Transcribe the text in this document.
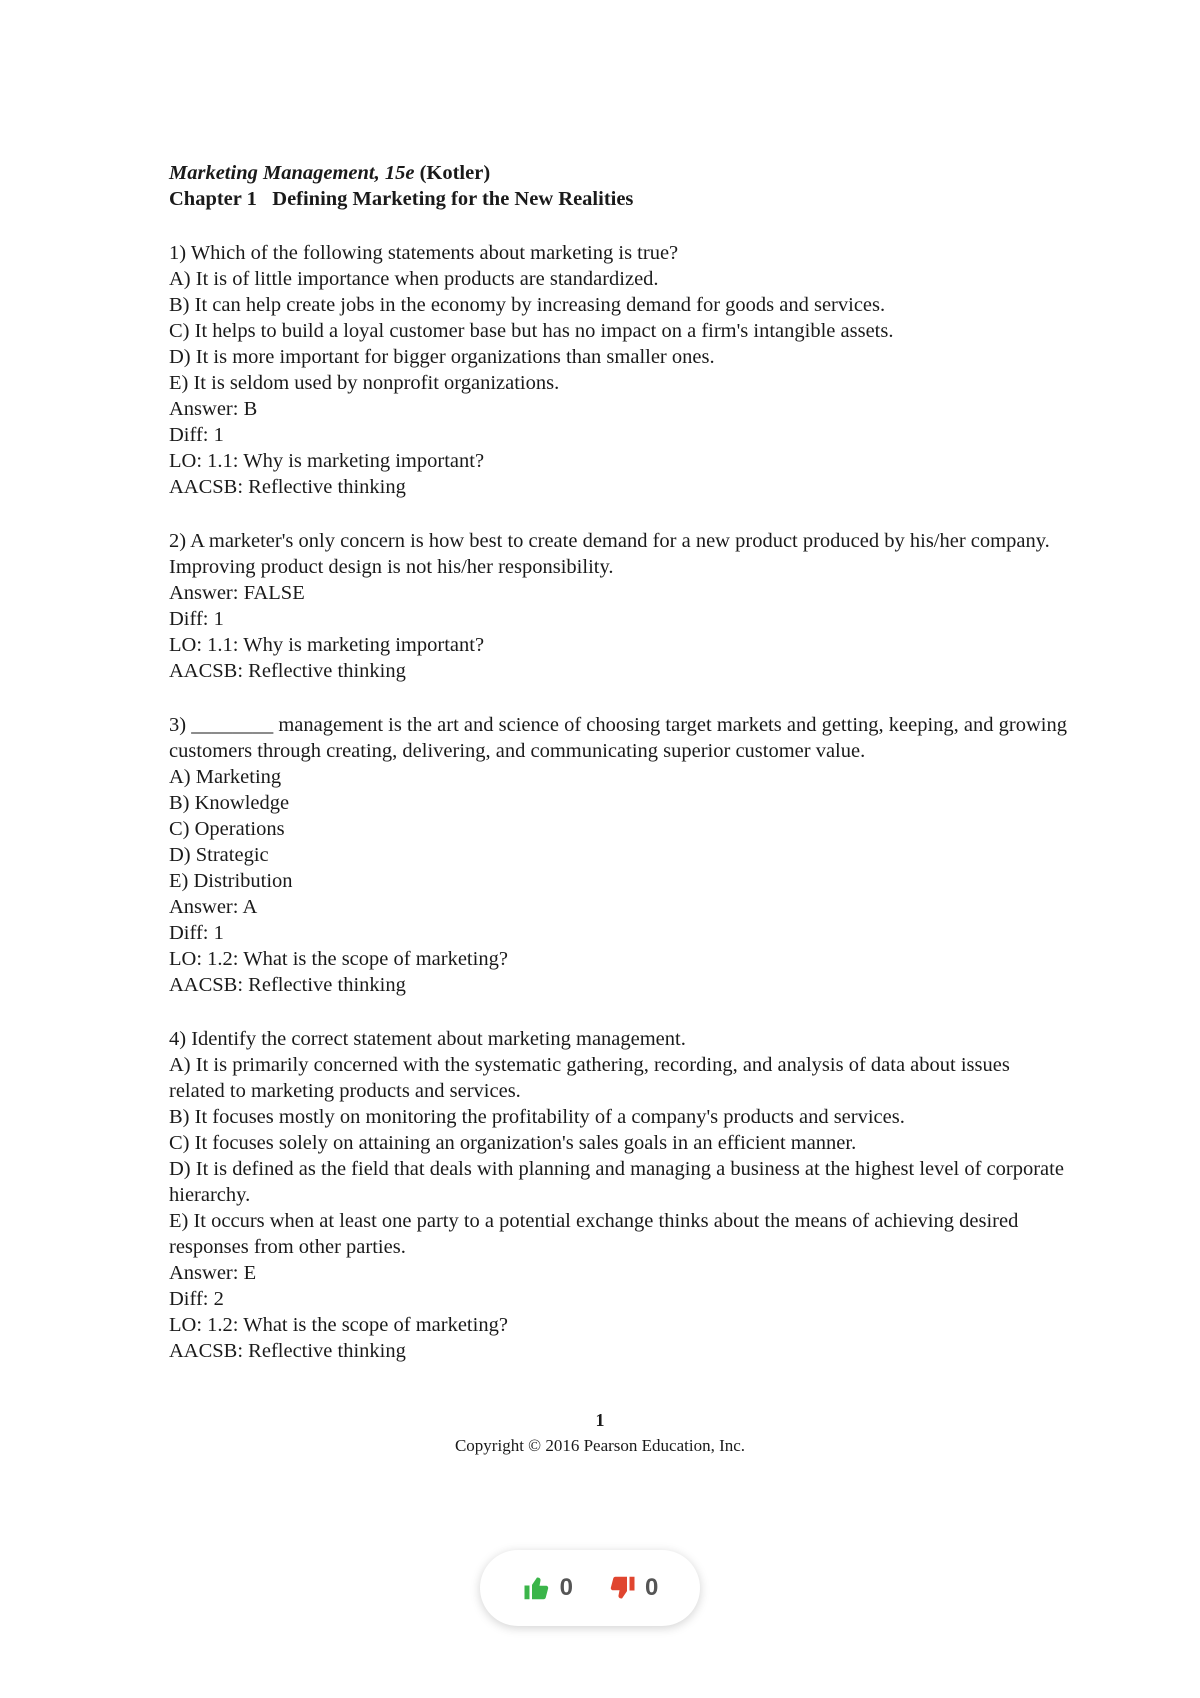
Marketing Management, 15e (Kotler)
Chapter 1   Defining Marketing for the New Realities
1) Which of the following statements about marketing is true?
A) It is of little importance when products are standardized.
B) It can help create jobs in the economy by increasing demand for goods and services.
C) It helps to build a loyal customer base but has no impact on a firm's intangible assets.
D) It is more important for bigger organizations than smaller ones.
E) It is seldom used by nonprofit organizations.
Answer: B
Diff: 1
LO: 1.1: Why is marketing important?
AACSB: Reflective thinking
2) A marketer's only concern is how best to create demand for a new product produced by his/her company. Improving product design is not his/her responsibility.
Answer: FALSE
Diff: 1
LO: 1.1: Why is marketing important?
AACSB: Reflective thinking
3) ________ management is the art and science of choosing target markets and getting, keeping, and growing customers through creating, delivering, and communicating superior customer value.
A) Marketing
B) Knowledge
C) Operations
D) Strategic
E) Distribution
Answer: A
Diff: 1
LO: 1.2: What is the scope of marketing?
AACSB: Reflective thinking
4) Identify the correct statement about marketing management.
A) It is primarily concerned with the systematic gathering, recording, and analysis of data about issues related to marketing products and services.
B) It focuses mostly on monitoring the profitability of a company's products and services.
C) It focuses solely on attaining an organization's sales goals in an efficient manner.
D) It is defined as the field that deals with planning and managing a business at the highest level of corporate hierarchy.
E) It occurs when at least one party to a potential exchange thinks about the means of achieving desired responses from other parties.
Answer: E
Diff: 2
LO: 1.2: What is the scope of marketing?
AACSB: Reflective thinking
1
Copyright © 2016 Pearson Education, Inc.
0	0
